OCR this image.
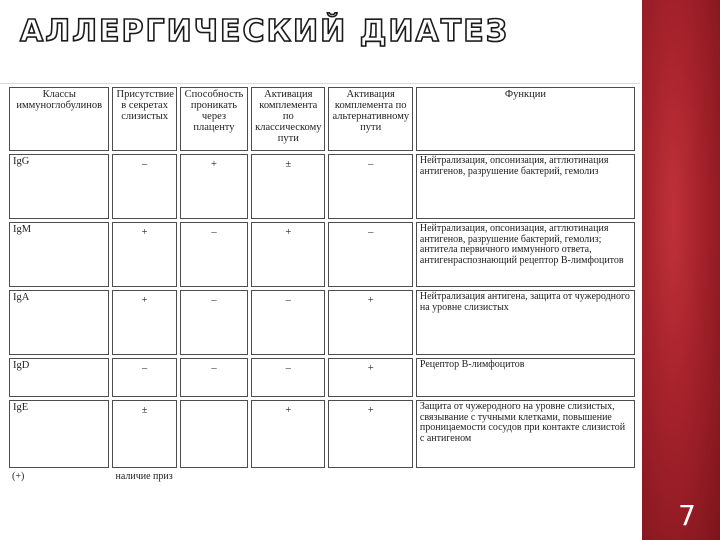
7
АЛЛЕРГИЧЕСКИЙ ДИАТЕЗ
Классы иммуноглобулинов	Присутствие в секретах слизистых	Способность проникать через плаценту	Активация комплемента по классическому пути	Активация комплемента по альтернативному пути	Функции
IgG	–	+	±	–	Нейтрализация, опсонизация, агглютинация антигенов, разрушение бактерий, гемолиз
IgM	+	–	+	–	Нейтрализация, опсонизация, агглютинация антигенов, разрушение бактерий, гемолиз; антитела первичного иммунного ответа, антигенраспознающий рецептор В-лимфоцитов
IgA	+	–	–	+	Нейтрализация антигена, защита от чужеродного на уровне слизистых
IgD	–	–	–	+	Рецептор В-лимфоцитов
IgE	±		+	+	Защита от чужеродного на уровне слизистых, связывание с тучными клетками, повышение проницаемости сосудов при контакте слизистой с антигеном
(+)	наличие приз				
